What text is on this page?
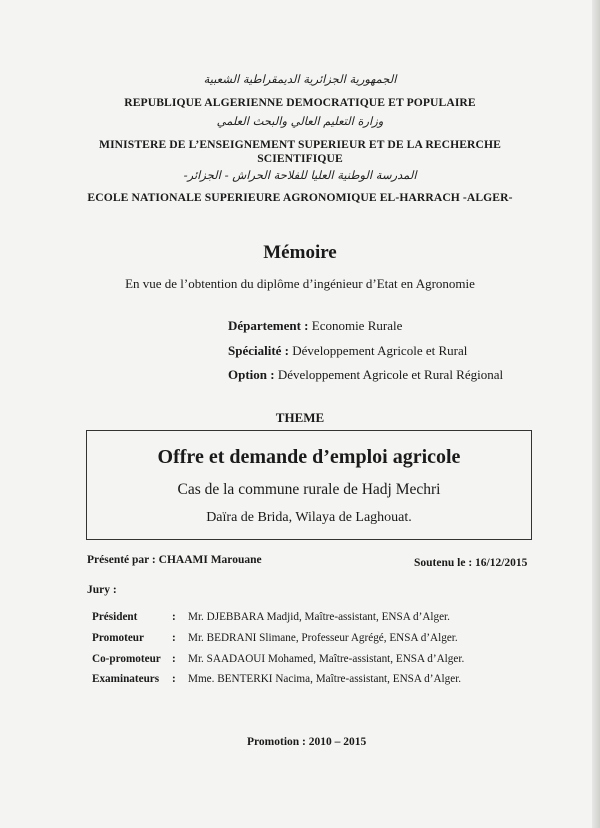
الجمهورية الجزائرية الديمقراطية الشعبية
REPUBLIQUE ALGERIENNE DEMOCRATIQUE ET POPULAIRE
وزارة التعليم العالي والبحث العلمي
MINISTERE DE L’ENSEIGNEMENT SUPERIEUR ET DE LA RECHERCHE
SCIENTIFIQUE
المدرسة الوطنية العليا للفلاحة الحراش - الجزائر-
ECOLE NATIONALE SUPERIEURE AGRONOMIQUE EL-HARRACH -ALGER-
Mémoire
En vue de l’obtention du diplôme d’ingénieur d’Etat en Agronomie
Département : Economie Rurale
Spécialité : Développement Agricole et Rural
Option : Développement Agricole et Rural Régional
THEME
Offre et demande d’emploi agricole
Cas de la commune rurale de Hadj Mechri
Daïra de Brida, Wilaya de Laghouat.
Présenté par : CHAAMI Marouane	Soutenu le : 16/12/2015
Jury :
Président	: Mr. DJEBBARA Madjid, Maître-assistant, ENSA d’Alger.
Promoteur	: Mr. BEDRANI Slimane, Professeur Agrégé, ENSA d’Alger.
Co-promoteur : Mr. SAADAOUI Mohamed, Maître-assistant, ENSA d’Alger.
Examinateurs : Mme. BENTERKI Nacima, Maître-assistant, ENSA d’Alger.
Promotion : 2010 – 2015
